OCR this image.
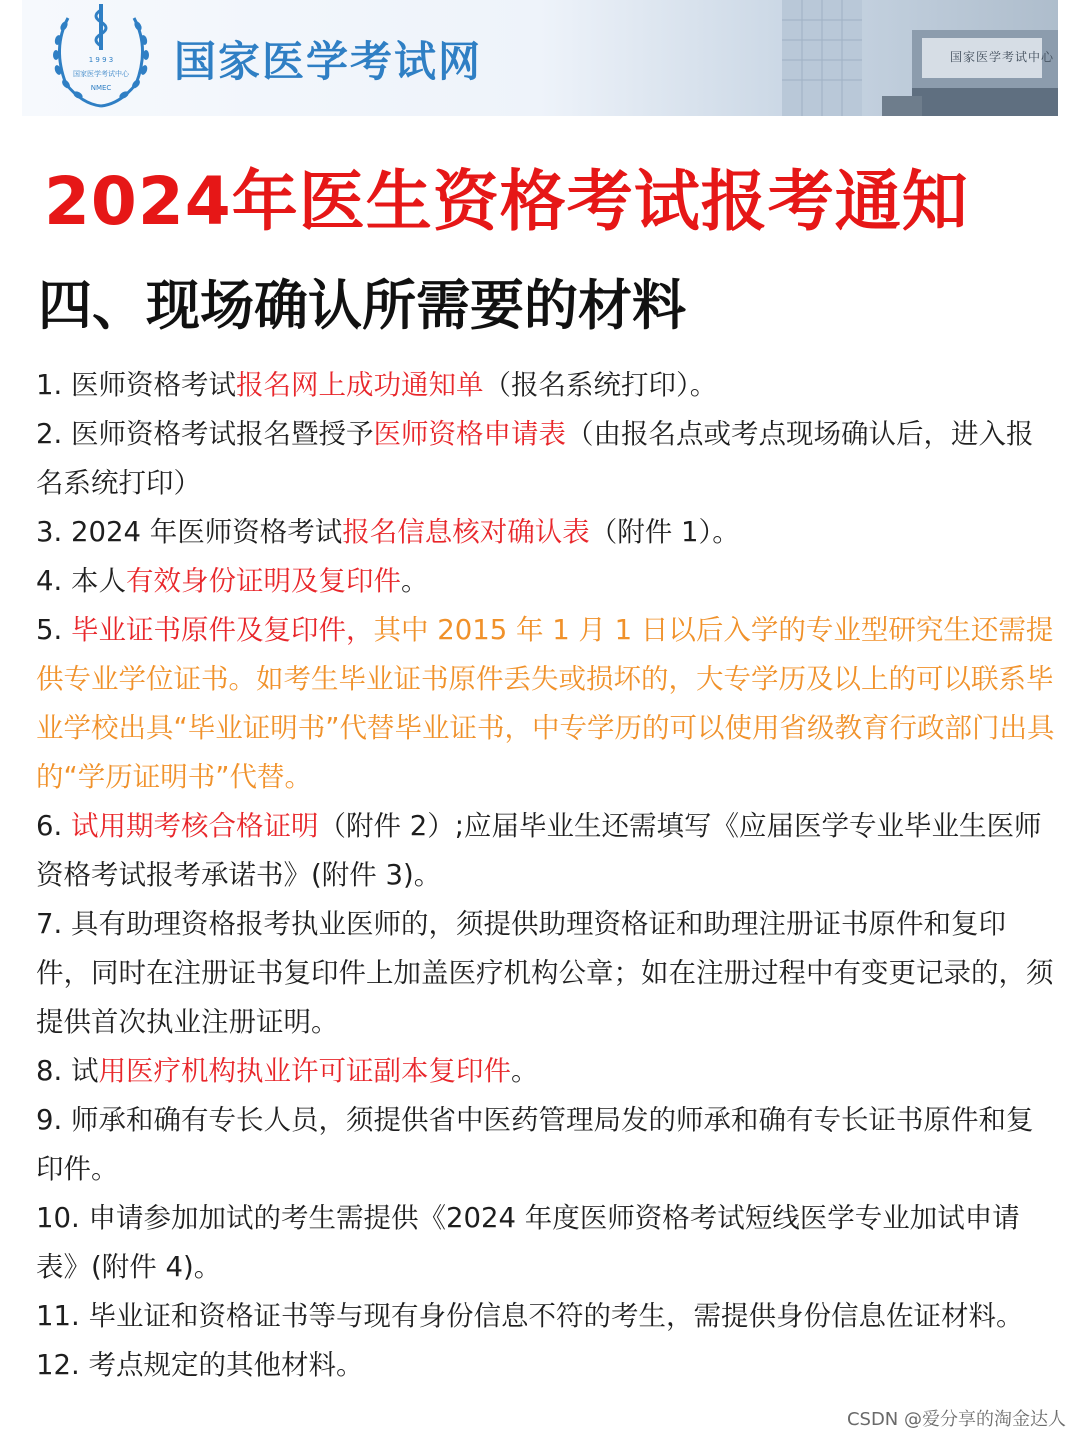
1 9 9 3
国家医学考试中心
NMEC
国家医学考试网	国家医学考试中心
2024年医生资格考试报考通知
四、现场确认所需要的材料

1. 医师资格考试报名网上成功通知单（报名系统打印）。

2. 医师资格考试报名暨授予医师资格申请表（由报名点或考点现场确认后，进入报名系统打印）

3. 2024 年医师资格考试报名信息核对确认表（附件 1）。

4. 本人有效身份证明及复印件。

5. 毕业证书原件及复印件，其中 2015 年 1 月 1 日以后入学的专业型研究生还需提供专业学位证书。如考生毕业证书原件丢失或损坏的，大专学历及以上的可以联系毕业学校出具“毕业证明书”代替毕业证书，中专学历的可以使用省级教育行政部门出具的“学历证明书”代替。

6. 试用期考核合格证明（附件 2）;应届毕业生还需填写《应届医学专业毕业生医师资格考试报考承诺书》(附件 3)。

7. 具有助理资格报考执业医师的，须提供助理资格证和助理注册证书原件和复印件，同时在注册证书复印件上加盖医疗机构公章；如在注册过程中有变更记录的，须提供首次执业注册证明。

8. 试用医疗机构执业许可证副本复印件。

9. 师承和确有专长人员，须提供省中医药管理局发的师承和确有专长证书原件和复印件。

10. 申请参加加试的考生需提供《2024 年度医师资格考试短线医学专业加试申请表》(附件 4)。

11. 毕业证和资格证书等与现有身份信息不符的考生，需提供身份信息佐证材料。

12. 考点规定的其他材料。

CSDN @爱分享的淘金达人
